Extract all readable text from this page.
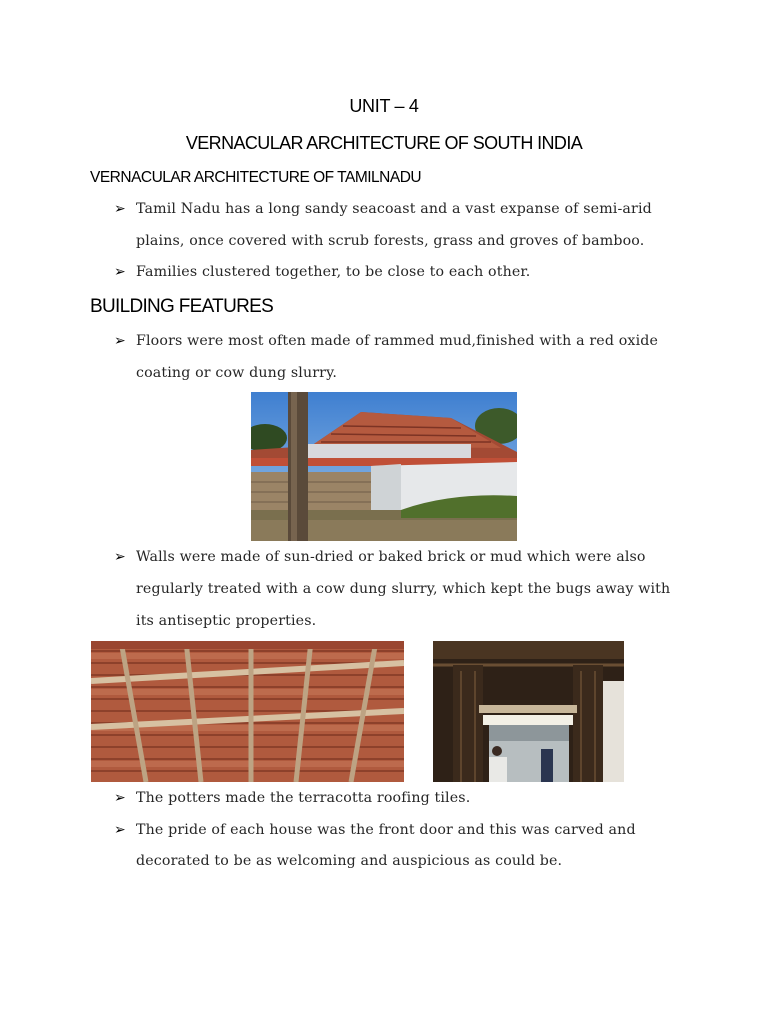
UNIT – 4
VERNACULAR ARCHITECTURE OF SOUTH INDIA
VERNACULAR ARCHITECTURE OF TAMILNADU
➢ Tamil Nadu has a long sandy seacoast and a vast expanse of semi-arid
plains, once covered with scrub forests, grass and groves of bamboo.
➢ Families clustered together, to be close to each other.
BUILDING FEATURES
➢ Floors were most often made of rammed mud,finished with a red oxide
coating or cow dung slurry.
➢ Walls were made of sun-dried or baked brick or mud which were also
regularly treated with a cow dung slurry, which kept the bugs away with
its antiseptic properties.
➢ The potters made the terracotta roofing tiles.
➢ The pride of each house was the front door and this was carved and
decorated to be as welcoming and auspicious as could be.
